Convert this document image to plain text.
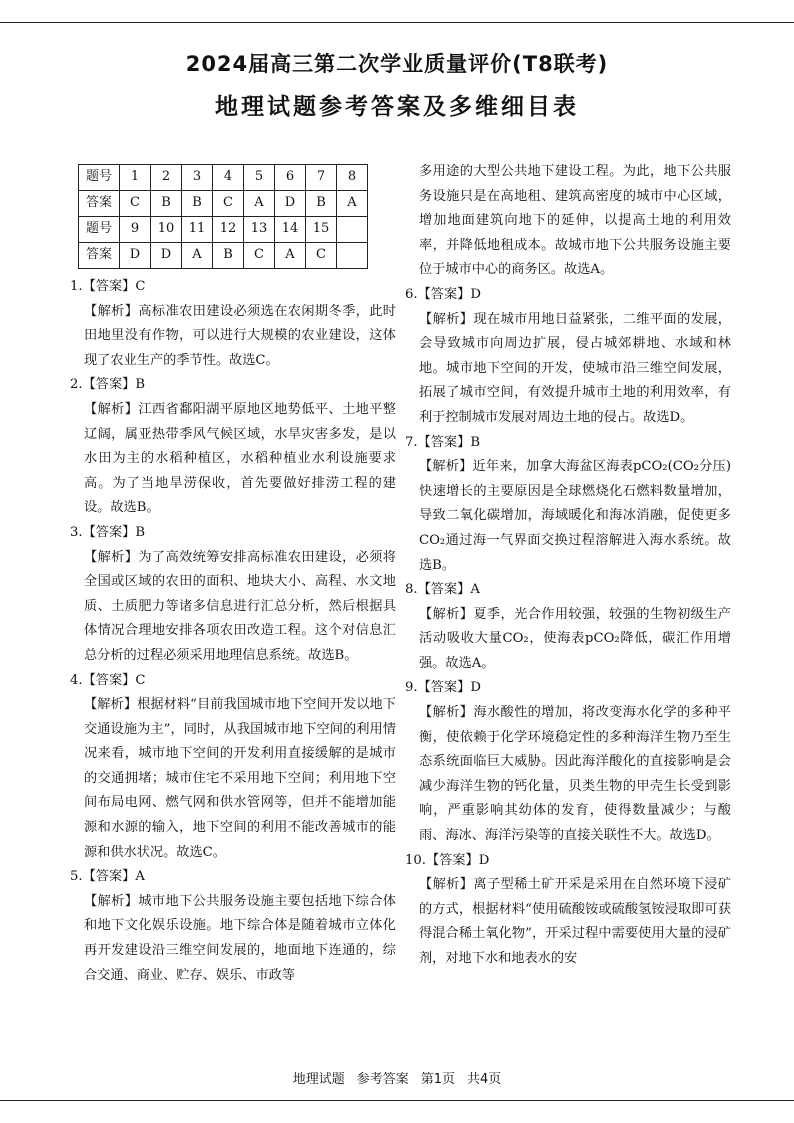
2024届高三第二次学业质量评价(T8联考)
地理试题参考答案及多维细目表
题号	1	2	3	4	5	6	7	8
答案	C	B	B	C	A	D	B	A
题号	9	10	11	12	13	14	15	
答案	D	D	A	B	C	A	C	

1.【答案】C

【解析】高标准农田建设必须选在农闲期冬季，此时田地里没有作物，可以进行大规模的农业建设，这体现了农业生产的季节性。故选C。

2.【答案】B

【解析】江西省鄱阳湖平原地区地势低平、土地平整辽阔，属亚热带季风气候区域，水旱灾害多发，是以水田为主的水稻种植区，水稻种植业水利设施要求高。为了当地旱涝保收，首先要做好排涝工程的建设。故选B。

3.【答案】B

【解析】为了高效统筹安排高标准农田建设，必须将全国或区域的农田的面积、地块大小、高程、水文地质、土质肥力等诸多信息进行汇总分析，然后根据具体情况合理地安排各项农田改造工程。这个对信息汇总分析的过程必须采用地理信息系统。故选B。

4.【答案】C

【解析】根据材料“目前我国城市地下空间开发以地下交通设施为主”，同时，从我国城市地下空间的利用情况来看，城市地下空间的开发利用直接缓解的是城市的交通拥堵；城市住宅不采用地下空间；利用地下空间布局电网、燃气网和供水管网等，但并不能增加能源和水源的输入，地下空间的利用不能改善城市的能源和供水状况。故选C。

5.【答案】A

【解析】城市地下公共服务设施主要包括地下综合体和地下文化娱乐设施。地下综合体是随着城市立体化再开发建设沿三维空间发展的，地面地下连通的，综合交通、商业、贮存、娱乐、市政等

多用途的大型公共地下建设工程。为此，地下公共服务设施只是在高地租、建筑高密度的城市中心区域，增加地面建筑向地下的延伸，以提高土地的利用效率，并降低地租成本。故城市地下公共服务设施主要位于城市中心的商务区。故选A。

6.【答案】D

【解析】现在城市用地日益紧张，二维平面的发展，会导致城市向周边扩展，侵占城郊耕地、水域和林地。城市地下空间的开发，使城市沿三维空间发展，拓展了城市空间，有效提升城市土地的利用效率，有利于控制城市发展对周边土地的侵占。故选D。

7.【答案】B

【解析】近年来，加拿大海盆区海表pCO₂(CO₂分压)快速增长的主要原因是全球燃烧化石燃料数量增加，导致二氧化碳增加，海域暖化和海冰消融，促使更多CO₂通过海一气界面交换过程溶解进入海水系统。故选B。

8.【答案】A

【解析】夏季，光合作用较强，较强的生物初级生产活动吸收大量CO₂，使海表pCO₂降低，碳汇作用增强。故选A。

9.【答案】D

【解析】海水酸性的增加，将改变海水化学的多种平衡，使依赖于化学环境稳定性的多种海洋生物乃至生态系统面临巨大威胁。因此海洋酸化的直接影响是会减少海洋生物的钙化量，贝类生物的甲壳生长受到影响，严重影响其幼体的发育，使得数量减少；与酸雨、海冰、海洋污染等的直接关联性不大。故选D。

10.【答案】D

【解析】离子型稀土矿开采是采用在自然环境下浸矿的方式，根据材料“使用硫酸铵或硫酸氢铵浸取即可获得混合稀土氧化物”，开采过程中需要使用大量的浸矿剂，对地下水和地表水的安

地理试题 参考答案 第1页 共4页
